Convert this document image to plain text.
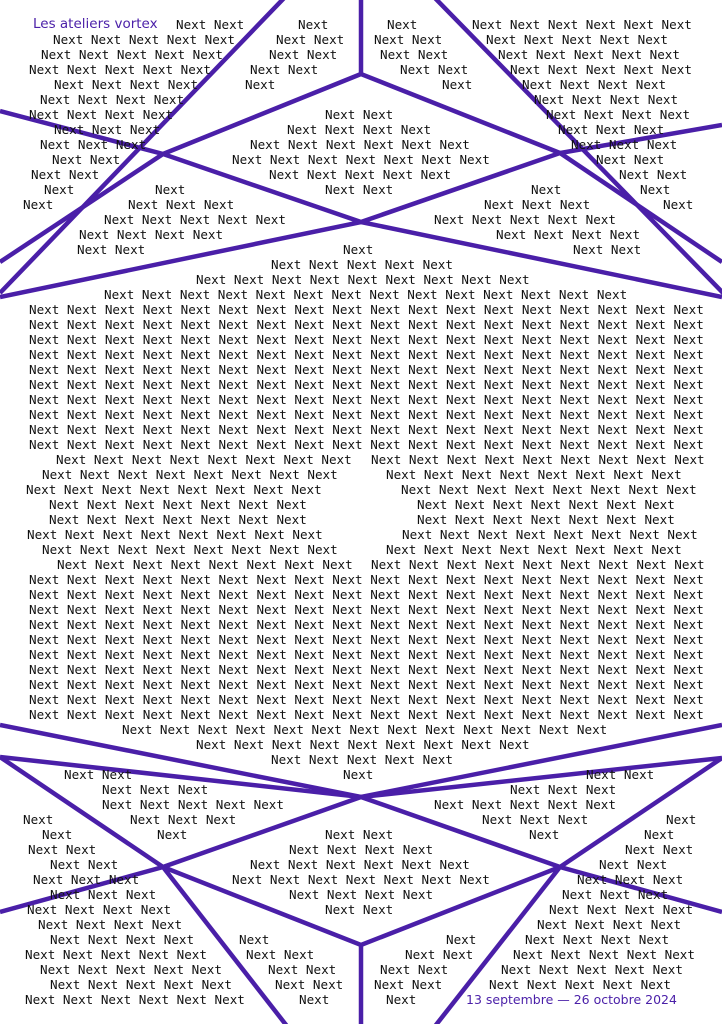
Next Next	Next	Next	Next Next Next Next Next Next
Next Next Next Next Next	Next Next Next Next	Next Next Next Next Next
Next Next Next Next Next	Next Next	Next Next	Next Next Next Next Next
Next Next Next Next Next	Next Next	Next Next	Next Next Next Next Next
Next Next Next Next	Next	Next	Next Next Next Next
Next Next Next Next	Next Next Next Next
Next Next Next Next	Next Next	Next Next Next Next
Next Next Next	Next Next Next Next	Next Next Next
Next Next Next	Next Next Next Next Next Next	Next Next Next
Next Next	Next Next Next Next Next Next Next	Next Next
Next Next	Next Next Next Next Next	Next Next
Next	Next	Next Next	Next	Next
Next	Next Next Next	Next Next Next	Next
Next Next Next Next Next	Next Next Next Next Next
Next Next Next Next	Next Next Next Next
Next Next	Next	Next Next
Next Next Next Next Next
Next Next Next Next Next Next Next Next Next
Next Next Next Next Next Next Next Next Next Next Next Next Next Next
Next Next Next Next Next Next Next Next Next Next Next Next Next Next Next Next Next Next
Next Next Next Next Next Next Next Next Next Next Next Next Next Next Next Next Next Next
Next Next Next Next Next Next Next Next Next Next Next Next Next Next Next Next Next Next
Next Next Next Next Next Next Next Next Next Next Next Next Next Next Next Next Next Next
Next Next Next Next Next Next Next Next Next Next Next Next Next Next Next Next Next Next
Next Next Next Next Next Next Next Next Next Next Next Next Next Next Next Next Next Next
Next Next Next Next Next Next Next Next Next Next Next Next Next Next Next Next Next Next
Next Next Next Next Next Next Next Next Next Next Next Next Next Next Next Next Next Next
Next Next Next Next Next Next Next Next Next Next Next Next Next Next Next Next Next Next
Next Next Next Next Next Next Next Next Next Next Next Next Next Next Next Next Next Next
Next Next Next Next Next Next Next Next Next Next Next Next Next Next Next Next Next
Next Next Next Next Next Next Next Next	Next Next Next Next Next Next Next Next
Next Next Next Next Next Next Next Next	Next Next Next Next Next Next Next Next
Next Next Next Next Next Next Next	Next Next Next Next Next Next Next
Next Next Next Next Next Next Next	Next Next Next Next Next Next Next
Next Next Next Next Next Next Next Next	Next Next Next Next Next Next Next Next
Next Next Next Next Next Next Next Next	Next Next Next Next Next Next Next Next
Next Next Next Next Next Next Next Next Next Next Next Next Next Next Next Next Next
Next Next Next Next Next Next Next Next Next Next Next Next Next Next Next Next Next Next
Next Next Next Next Next Next Next Next Next Next Next Next Next Next Next Next Next Next
Next Next Next Next Next Next Next Next Next Next Next Next Next Next Next Next Next Next
Next Next Next Next Next Next Next Next Next Next Next Next Next Next Next Next Next Next
Next Next Next Next Next Next Next Next Next Next Next Next Next Next Next Next Next Next
Next Next Next Next Next Next Next Next Next Next Next Next Next Next Next Next Next Next
Next Next Next Next Next Next Next Next Next Next Next Next Next Next Next Next Next Next
Next Next Next Next Next Next Next Next Next Next Next Next Next Next Next Next Next Next
Next Next Next Next Next Next Next Next Next Next Next Next Next Next Next Next Next Next
Next Next Next Next Next Next Next Next Next Next Next Next Next Next Next Next Next Next
Next Next Next Next Next Next Next Next Next Next Next Next Next
Next Next Next Next Next Next Next Next Next
Next Next Next Next Next
Next Next	Next	Next Next
Next Next Next	Next Next Next
Next Next Next Next Next	Next Next Next Next Next
Next	Next Next Next	Next Next Next	Next
Next	Next	Next Next	Next	Next
Next Next	Next Next Next Next	Next Next
Next Next	Next Next Next Next Next Next	Next Next
Next Next Next	Next Next Next Next Next Next Next	Next Next Next
Next Next Next	Next Next Next Next	Next Next Next
Next Next Next Next	Next Next	Next Next Next Next
Next Next Next Next	Next Next Next Next
Next Next Next Next	Next	Next	Next Next Next Next
Next Next Next Next Next	Next Next	Next Next	Next Next Next Next Next
Next Next Next Next Next	Next Next	Next Next	Next Next Next Next Next
Next Next Next Next Next	Next Next Next Next	Next Next Next Next Next
Next Next Next Next Next Next	Next	Next
Les ateliers vortex
13 septembre — 26 octobre 2024
